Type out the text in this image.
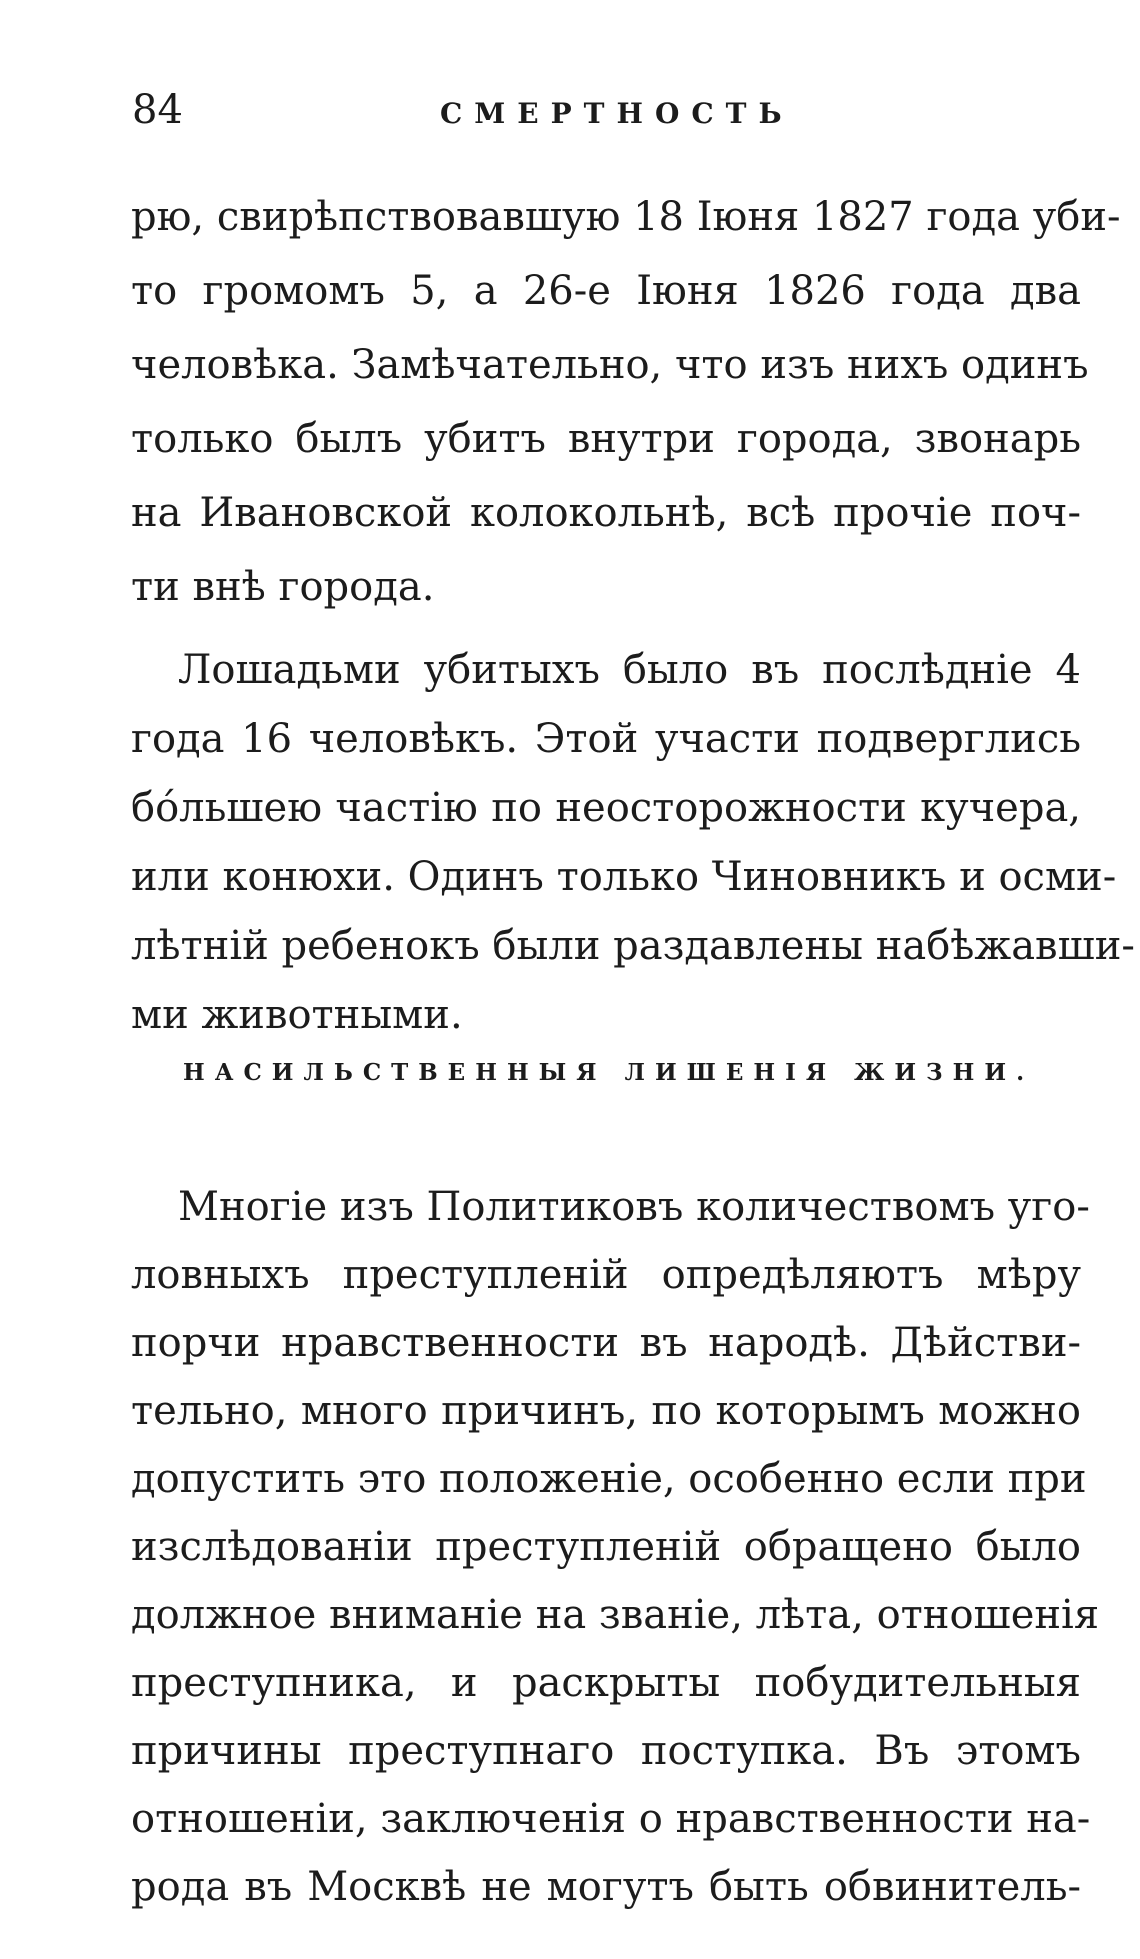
84	СМЕРТНОСТЬ
рю, свирѣпствовавшую 18 Іюня 1827 года уби-
то громомъ 5, а 26-е Іюня 1826 года два
человѣка. Замѣчательно, что изъ нихъ одинъ
только былъ убитъ внутри города, звонарь
на Ивановской колокольнѣ, всѣ прочіе поч-
ти внѣ города.
Лошадьми убитыхъ было въ послѣдніе 4
года 16 человѣкъ. Этой участи подверглись
бóльшею частію по неосторожности кучера,
или конюхи. Одинъ только Чиновникъ и осми-
лѣтній ребенокъ были раздавлены набѣжавши-
ми животными.
НАСИЛЬСТВЕННЫЯ ЛИШЕНІЯ ЖИЗНИ.
Многіе изъ Политиковъ количествомъ уго-
ловныхъ преступленій опредѣляютъ мѣру
порчи нравственности въ народѣ. Дѣйстви-
тельно, много причинъ, по которымъ можно
допустить это положеніе, особенно если при
изслѣдованіи преступленій обращено было
должное вниманіе на званіе, лѣта, отношенія
преступника, и раскрыты побудительныя
причины преступнаго поступка. Въ этомъ
отношеніи, заключенія о нравственности на-
рода въ Москвѣ не могутъ быть обвинитель-
